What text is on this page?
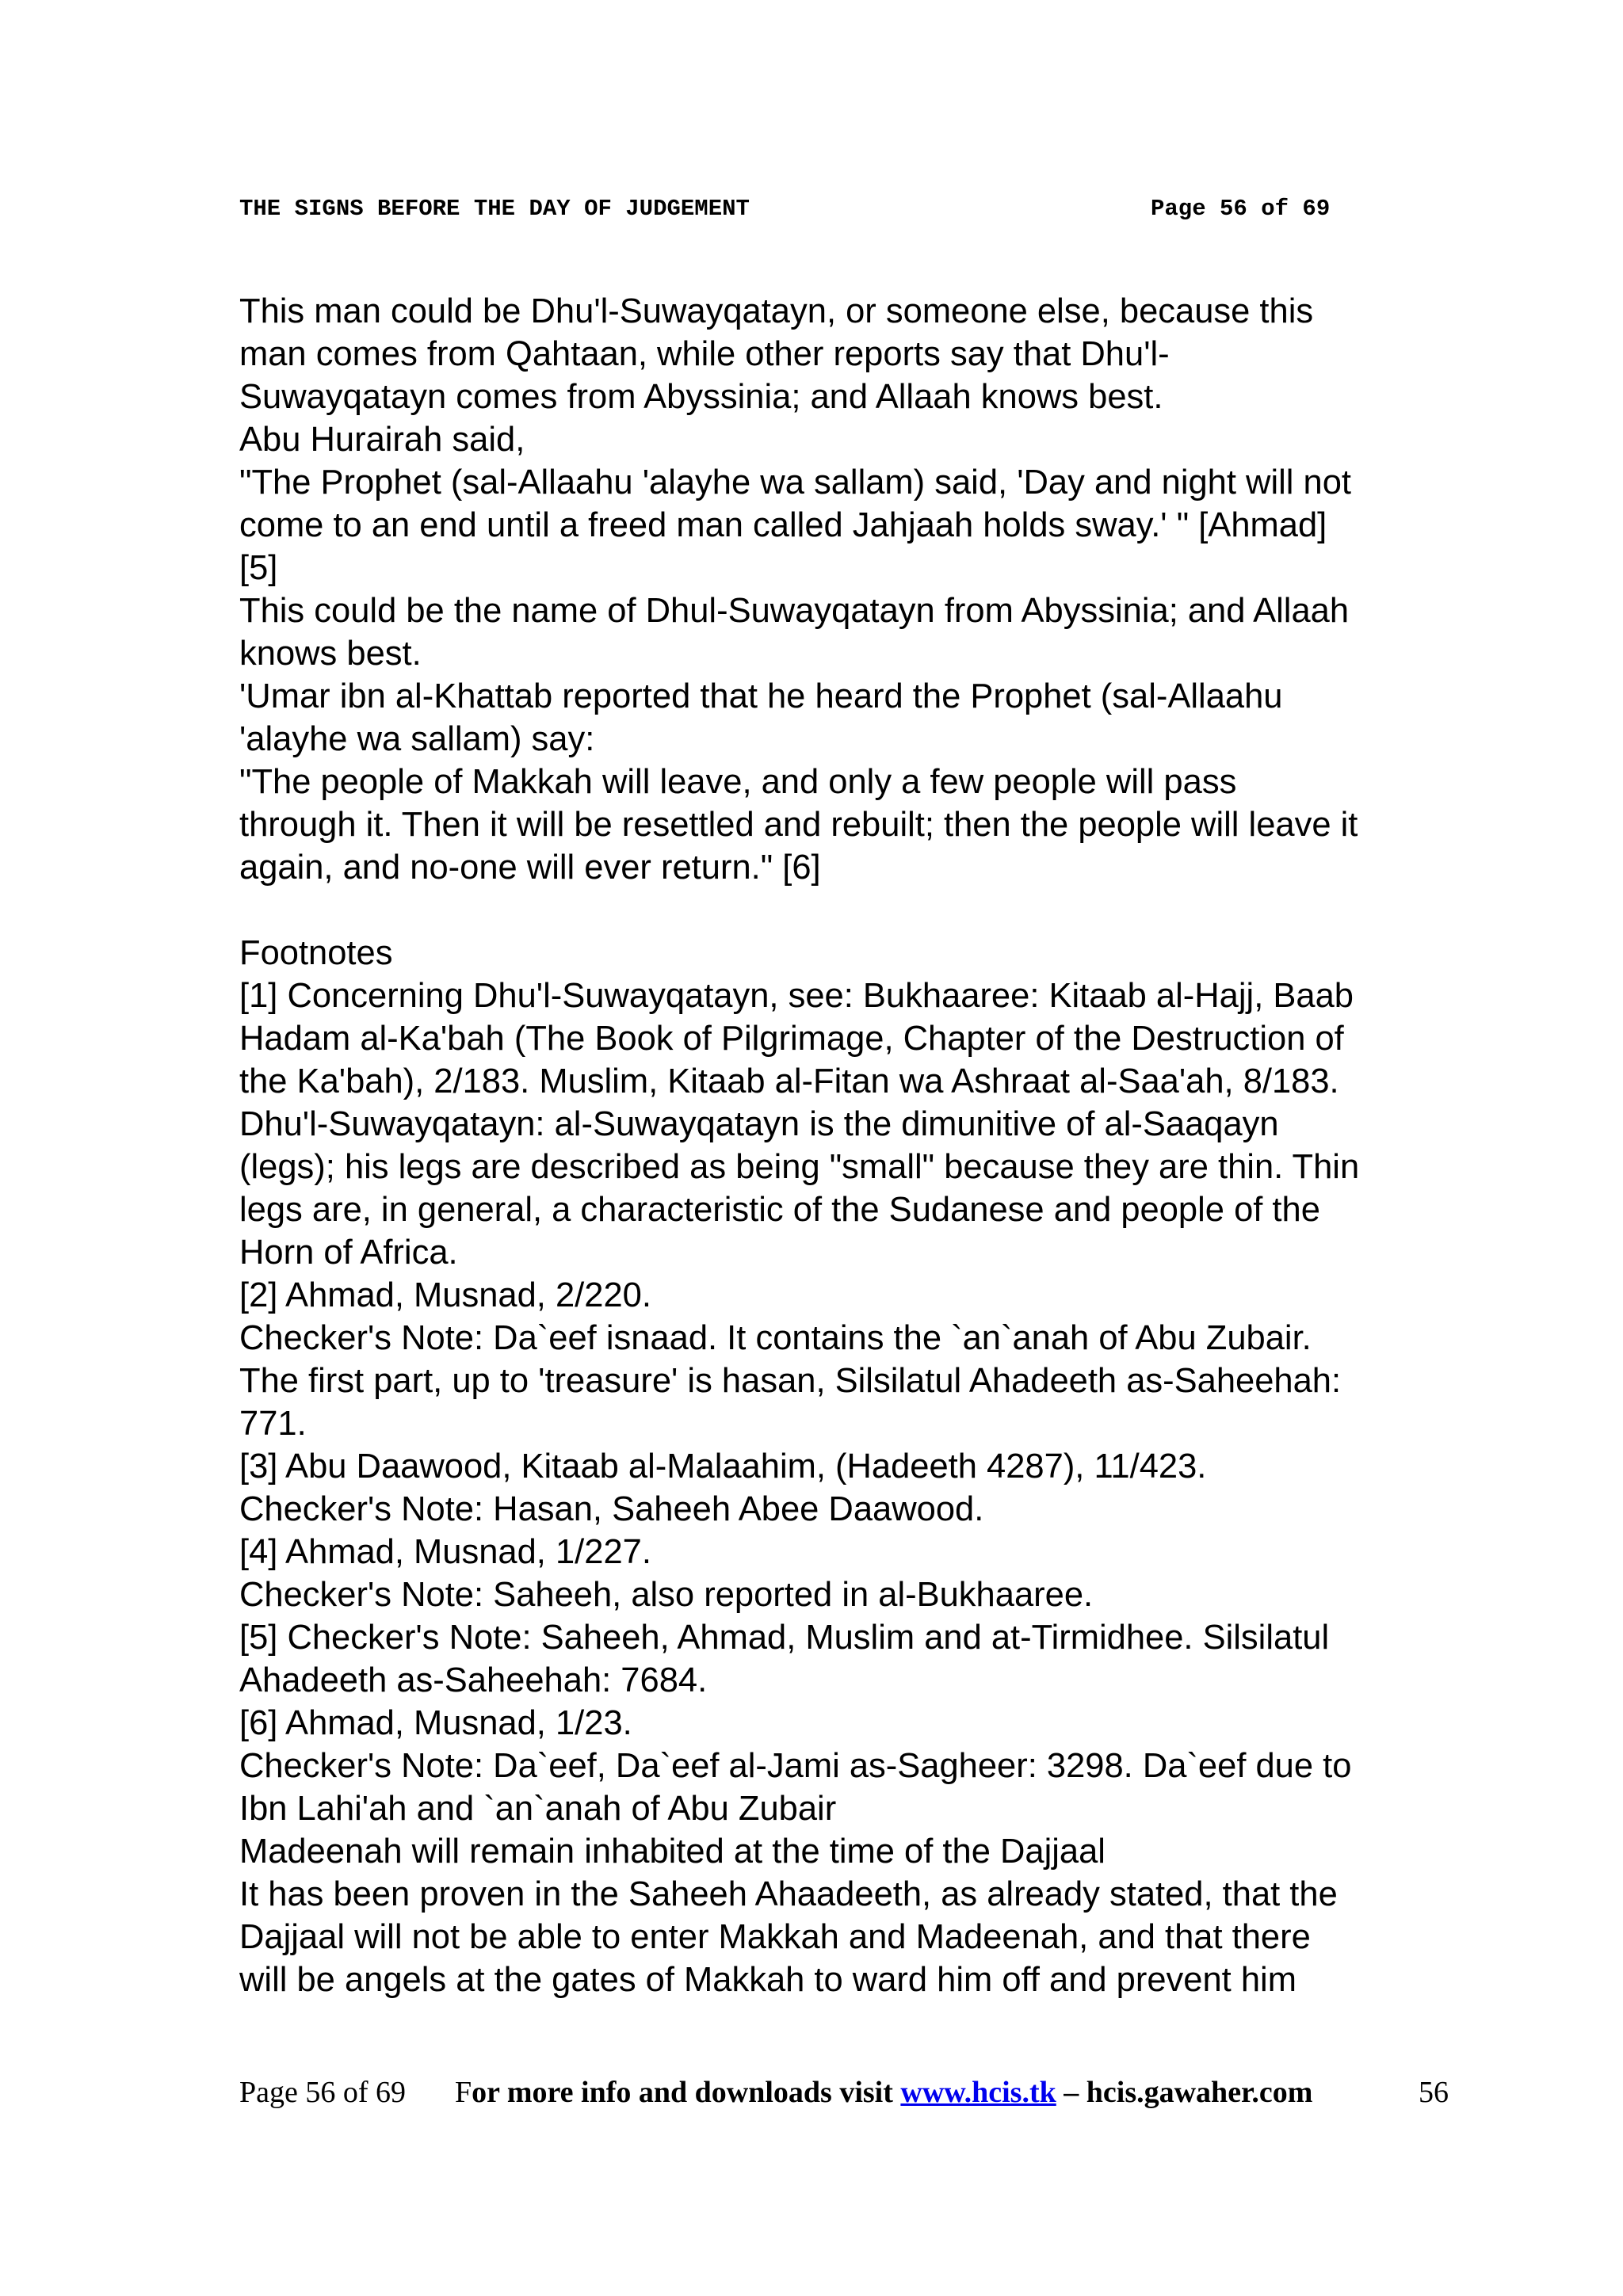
THE SIGNS BEFORE THE DAY OF JUDGEMENT

	Page 56 of 69

This man could be Dhu'l-Suwayqatayn, or someone else, because this
man comes from Qahtaan, while other reports say that Dhu'l-
Suwayqatayn comes from Abyssinia; and Allaah knows best.
Abu Hurairah said,
"The Prophet (sal-Allaahu 'alayhe wa sallam) said, 'Day and night will not
come to an end until a freed man called Jahjaah holds sway.' " [Ahmad]
[5]
This could be the name of Dhul-Suwayqatayn from Abyssinia; and Allaah
knows best.
'Umar ibn al-Khattab reported that he heard the Prophet (sal-Allaahu
'alayhe wa sallam) say:
"The people of Makkah will leave, and only a few people will pass
through it. Then it will be resettled and rebuilt; then the people will leave it
again, and no-one will ever return." [6]
Footnotes
[1] Concerning Dhu'l-Suwayqatayn, see: Bukhaaree: Kitaab al-Hajj, Baab
Hadam al-Ka'bah (The Book of Pilgrimage, Chapter of the Destruction of
the Ka'bah), 2/183. Muslim, Kitaab al-Fitan wa Ashraat al-Saa'ah, 8/183.
Dhu'l-Suwayqatayn: al-Suwayqatayn is the dimunitive of al-Saaqayn
(legs); his legs are described as being "small" because they are thin. Thin
legs are, in general, a characteristic of the Sudanese and people of the
Horn of Africa.
[2] Ahmad, Musnad, 2/220.
Checker's Note: Da`eef isnaad. It contains the `an`anah of Abu Zubair.
The first part, up to 'treasure' is hasan, Silsilatul Ahadeeth as-Saheehah:
771.
[3] Abu Daawood, Kitaab al-Malaahim, (Hadeeth 4287), 11/423.
Checker's Note: Hasan, Saheeh Abee Daawood.
[4] Ahmad, Musnad, 1/227.
Checker's Note: Saheeh, also reported in al-Bukhaaree.
[5] Checker's Note: Saheeh, Ahmad, Muslim and at-Tirmidhee. Silsilatul
Ahadeeth as-Saheehah: 7684.
[6] Ahmad, Musnad, 1/23.
Checker's Note: Da`eef, Da`eef al-Jami as-Sagheer: 3298. Da`eef due to
Ibn Lahi'ah and `an`anah of Abu Zubair
Madeenah will remain inhabited at the time of the Dajjaal
It has been proven in the Saheeh Ahaadeeth, as already stated, that the
Dajjaal will not be able to enter Makkah and Madeenah, and that there
will be angels at the gates of Makkah to ward him off and prevent him
Page 56 of 69 For more info and downloads visit www.hcis.tk – hcis.gawaher.com	56
